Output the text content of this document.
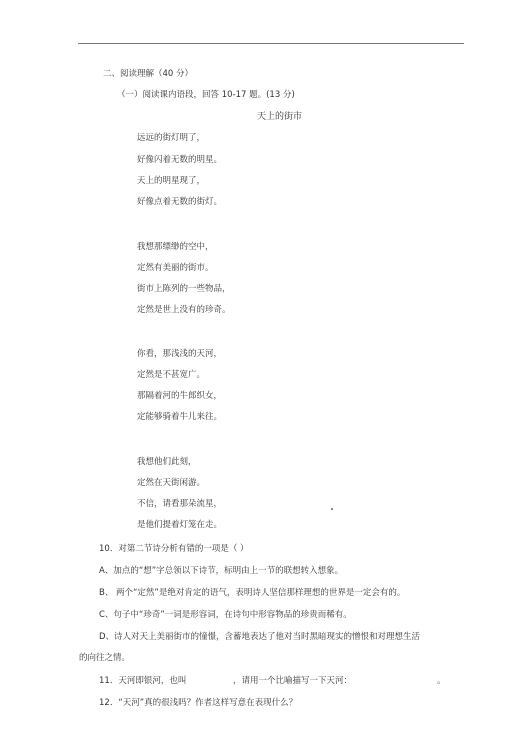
二、阅读理解（40 分）
（一）阅读课内语段，回答 10-17 题。(13 分)
天上的街市
远远的街灯明了，
好像闪着无数的明星。
天上的明星现了，
好像点着无数的街灯。
我想那缥缈的空中，
定然有美丽的街市。
街市上陈列的一些物品，
定然是世上没有的珍奇。
你看，那浅浅的天河，
定然是不甚宽广。
那隔着河的牛郎织女，
定能够骑着牛儿来往。
我想他们此刻，
定然在天街闲游。
不信，请看那朵流星，
是他们提着灯笼在走。
10．对第二节诗分析有错的一项是（ ）
A、加点的“想”字总领以下诗节，标明由上一节的联想转入想象。
B、 两个“定然”是绝对肯定的语气，表明诗人坚信那样理想的世界是一定会有的。
C、句子中“珍奇”一词是形容词，在诗句中形容物品的珍贵而稀有。
D、诗人对天上美丽街市的憧憬，含蓄地表达了他对当时黑暗现实的憎恨和对理想生活
的向往之情。
11．天河即银河，也叫	，请用一个比喻描写一下天河：	。
12．“天河”真的很浅吗？作者这样写意在表现什么？
